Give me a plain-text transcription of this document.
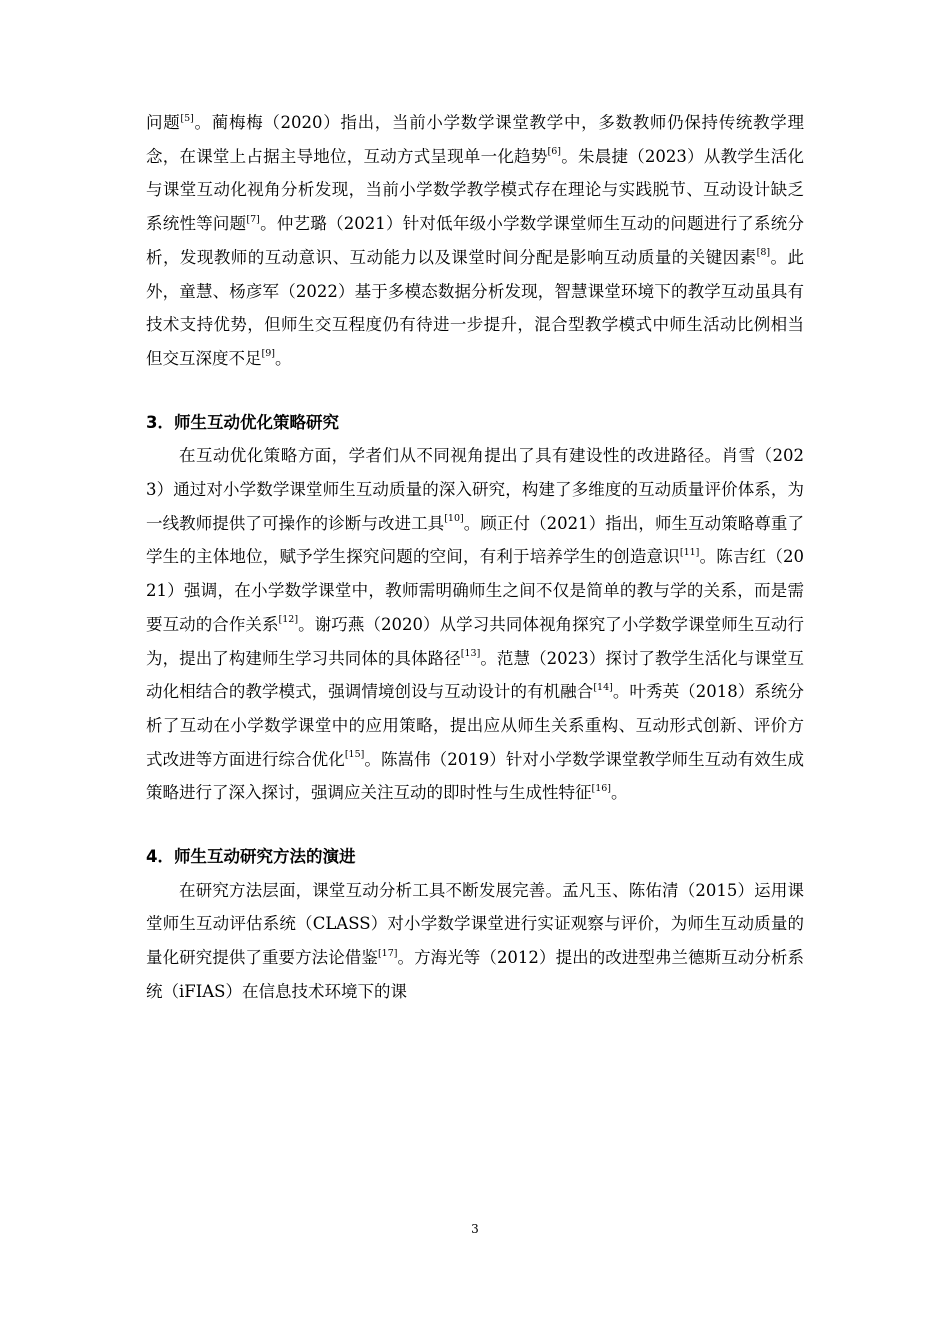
问题[5]。蔺梅梅（2020）指出，当前小学数学课堂教学中，多数教师仍保持传统教学理念，在课堂上占据主导地位，互动方式呈现单一化趋势[6]。朱晨捷（2023）从教学生活化与课堂互动化视角分析发现，当前小学数学教学模式存在理论与实践脱节、互动设计缺乏系统性等问题[7]。仲艺璐（2021）针对低年级小学数学课堂师生互动的问题进行了系统分析，发现教师的互动意识、互动能力以及课堂时间分配是影响互动质量的关键因素[8]。此外，童慧、杨彦军（2022）基于多模态数据分析发现，智慧课堂环境下的教学互动虽具有技术支持优势，但师生交互程度仍有待进一步提升，混合型教学模式中师生活动比例相当但交互深度不足[9]。

3．师生互动优化策略研究

在互动优化策略方面，学者们从不同视角提出了具有建设性的改进路径。肖雪（2023）通过对小学数学课堂师生互动质量的深入研究，构建了多维度的互动质量评价体系，为一线教师提供了可操作的诊断与改进工具[10]。顾正付（2021）指出，师生互动策略尊重了学生的主体地位，赋予学生探究问题的空间，有利于培养学生的创造意识[11]。陈吉红（2021）强调，在小学数学课堂中，教师需明确师生之间不仅是简单的教与学的关系，而是需要互动的合作关系[12]。谢巧燕（2020）从学习共同体视角探究了小学数学课堂师生互动行为，提出了构建师生学习共同体的具体路径[13]。范慧（2023）探讨了教学生活化与课堂互动化相结合的教学模式，强调情境创设与互动设计的有机融合[14]。叶秀英（2018）系统分析了互动在小学数学课堂中的应用策略，提出应从师生关系重构、互动形式创新、评价方式改进等方面进行综合优化[15]。陈嵩伟（2019）针对小学数学课堂教学师生互动有效生成策略进行了深入探讨，强调应关注互动的即时性与生成性特征[16]。

4．师生互动研究方法的演进

在研究方法层面，课堂互动分析工具不断发展完善。孟凡玉、陈佑清（2015）运用课堂师生互动评估系统（CLASS）对小学数学课堂进行实证观察与评价，为师生互动质量的量化研究提供了重要方法论借鉴[17]。方海光等（2012）提出的改进型弗兰德斯互动分析系统（iFIAS）在信息技术环境下的课

3
